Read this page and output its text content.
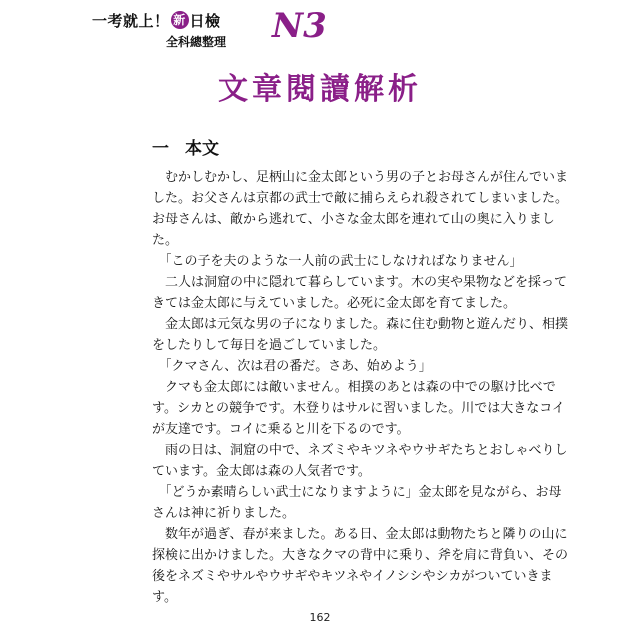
一考就上！ 新 日檢
全科總整理 N3
文章閱讀解析
一 本文
　むかしむかし、足柄山に金太郎という男の子とお母さんが住んでいま
した。お父さんは京都の武士で敵に捕らえられ殺されてしまいました。
お母さんは、敵から逃れて、小さな金太郎を連れて山の奥に入りまし
た。
　「この子を夫のような一人前の武士にしなければなりません」
　二人は洞窟の中に隠れて暮らしています。木の実や果物などを採って
きては金太郎に与えていました。必死に金太郎を育てました。
　金太郎は元気な男の子になりました。森に住む動物と遊んだり、相撲
をしたりして毎日を過ごしていました。
　「クマさん、次は君の番だ。さあ、始めよう」
　クマも金太郎には敵いません。相撲のあとは森の中での駆け比べで
す。シカとの競争です。木登りはサルに習いました。川では大きなコイ
が友達です。コイに乗ると川を下るのです。
　雨の日は、洞窟の中で、ネズミやキツネやウサギたちとおしゃべりし
ています。金太郎は森の人気者です。
　「どうか素晴らしい武士になりますように」金太郎を見ながら、お母
さんは神に祈りました。
　数年が過ぎ、春が来ました。ある日、金太郎は動物たちと隣りの山に
探検に出かけました。大きなクマの背中に乗り、斧を肩に背負い、その
後をネズミやサルやウサギやキツネやイノシシやシカがついていきま
す。
162
